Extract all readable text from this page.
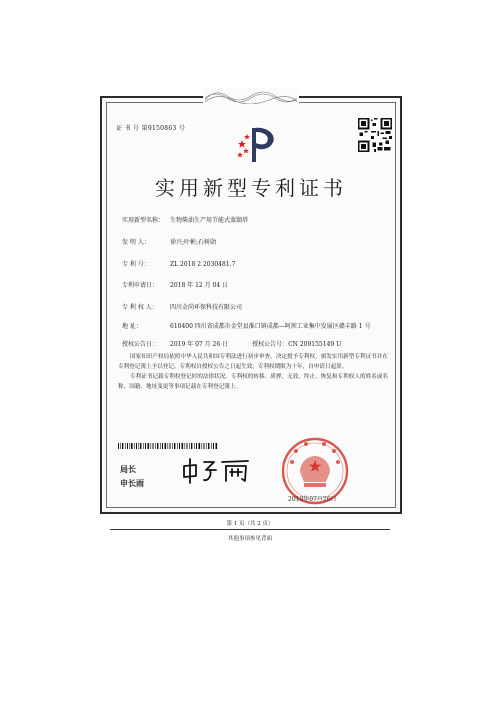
证 书 号 第9150863 号
实用新型专利证书
实用新型名称： 生物柴油生产用节能式蒸馏塔
发 明 人：	徐兴;叶彬;石树勋
专 利 号：	ZL 2018 2 2030481.7
专利申请日：	2018 年 12 月 04 日
专 利 权 人：	四川金尚环保科技有限公司
地 址：	610400 四川省成都市金堂县淮口镇成都—阿坝工业集中发展区赣丰路 1 号
授权公告日：	2019 年 07 月 26 日	授权公告号： CN 209155149 U
国家知识产权局依照中华人民共和国专利法进行初步审查，决定授予专利权，颁发实用新型专利证书并在专利登记簿上予以登记。专利权自授权公告之日起生效。专利权期限为十年，自申请日起算。
专利证书记载专利权登记时的法律状况。专利权的转移、质押、无效、终止、恢复和专利权人的姓名或名称、国籍、地址变更等事项记载在专利登记簿上。
局长
申长雨
2019年07月26日
第 1 页（共 2 页）
其他事项参见背面
